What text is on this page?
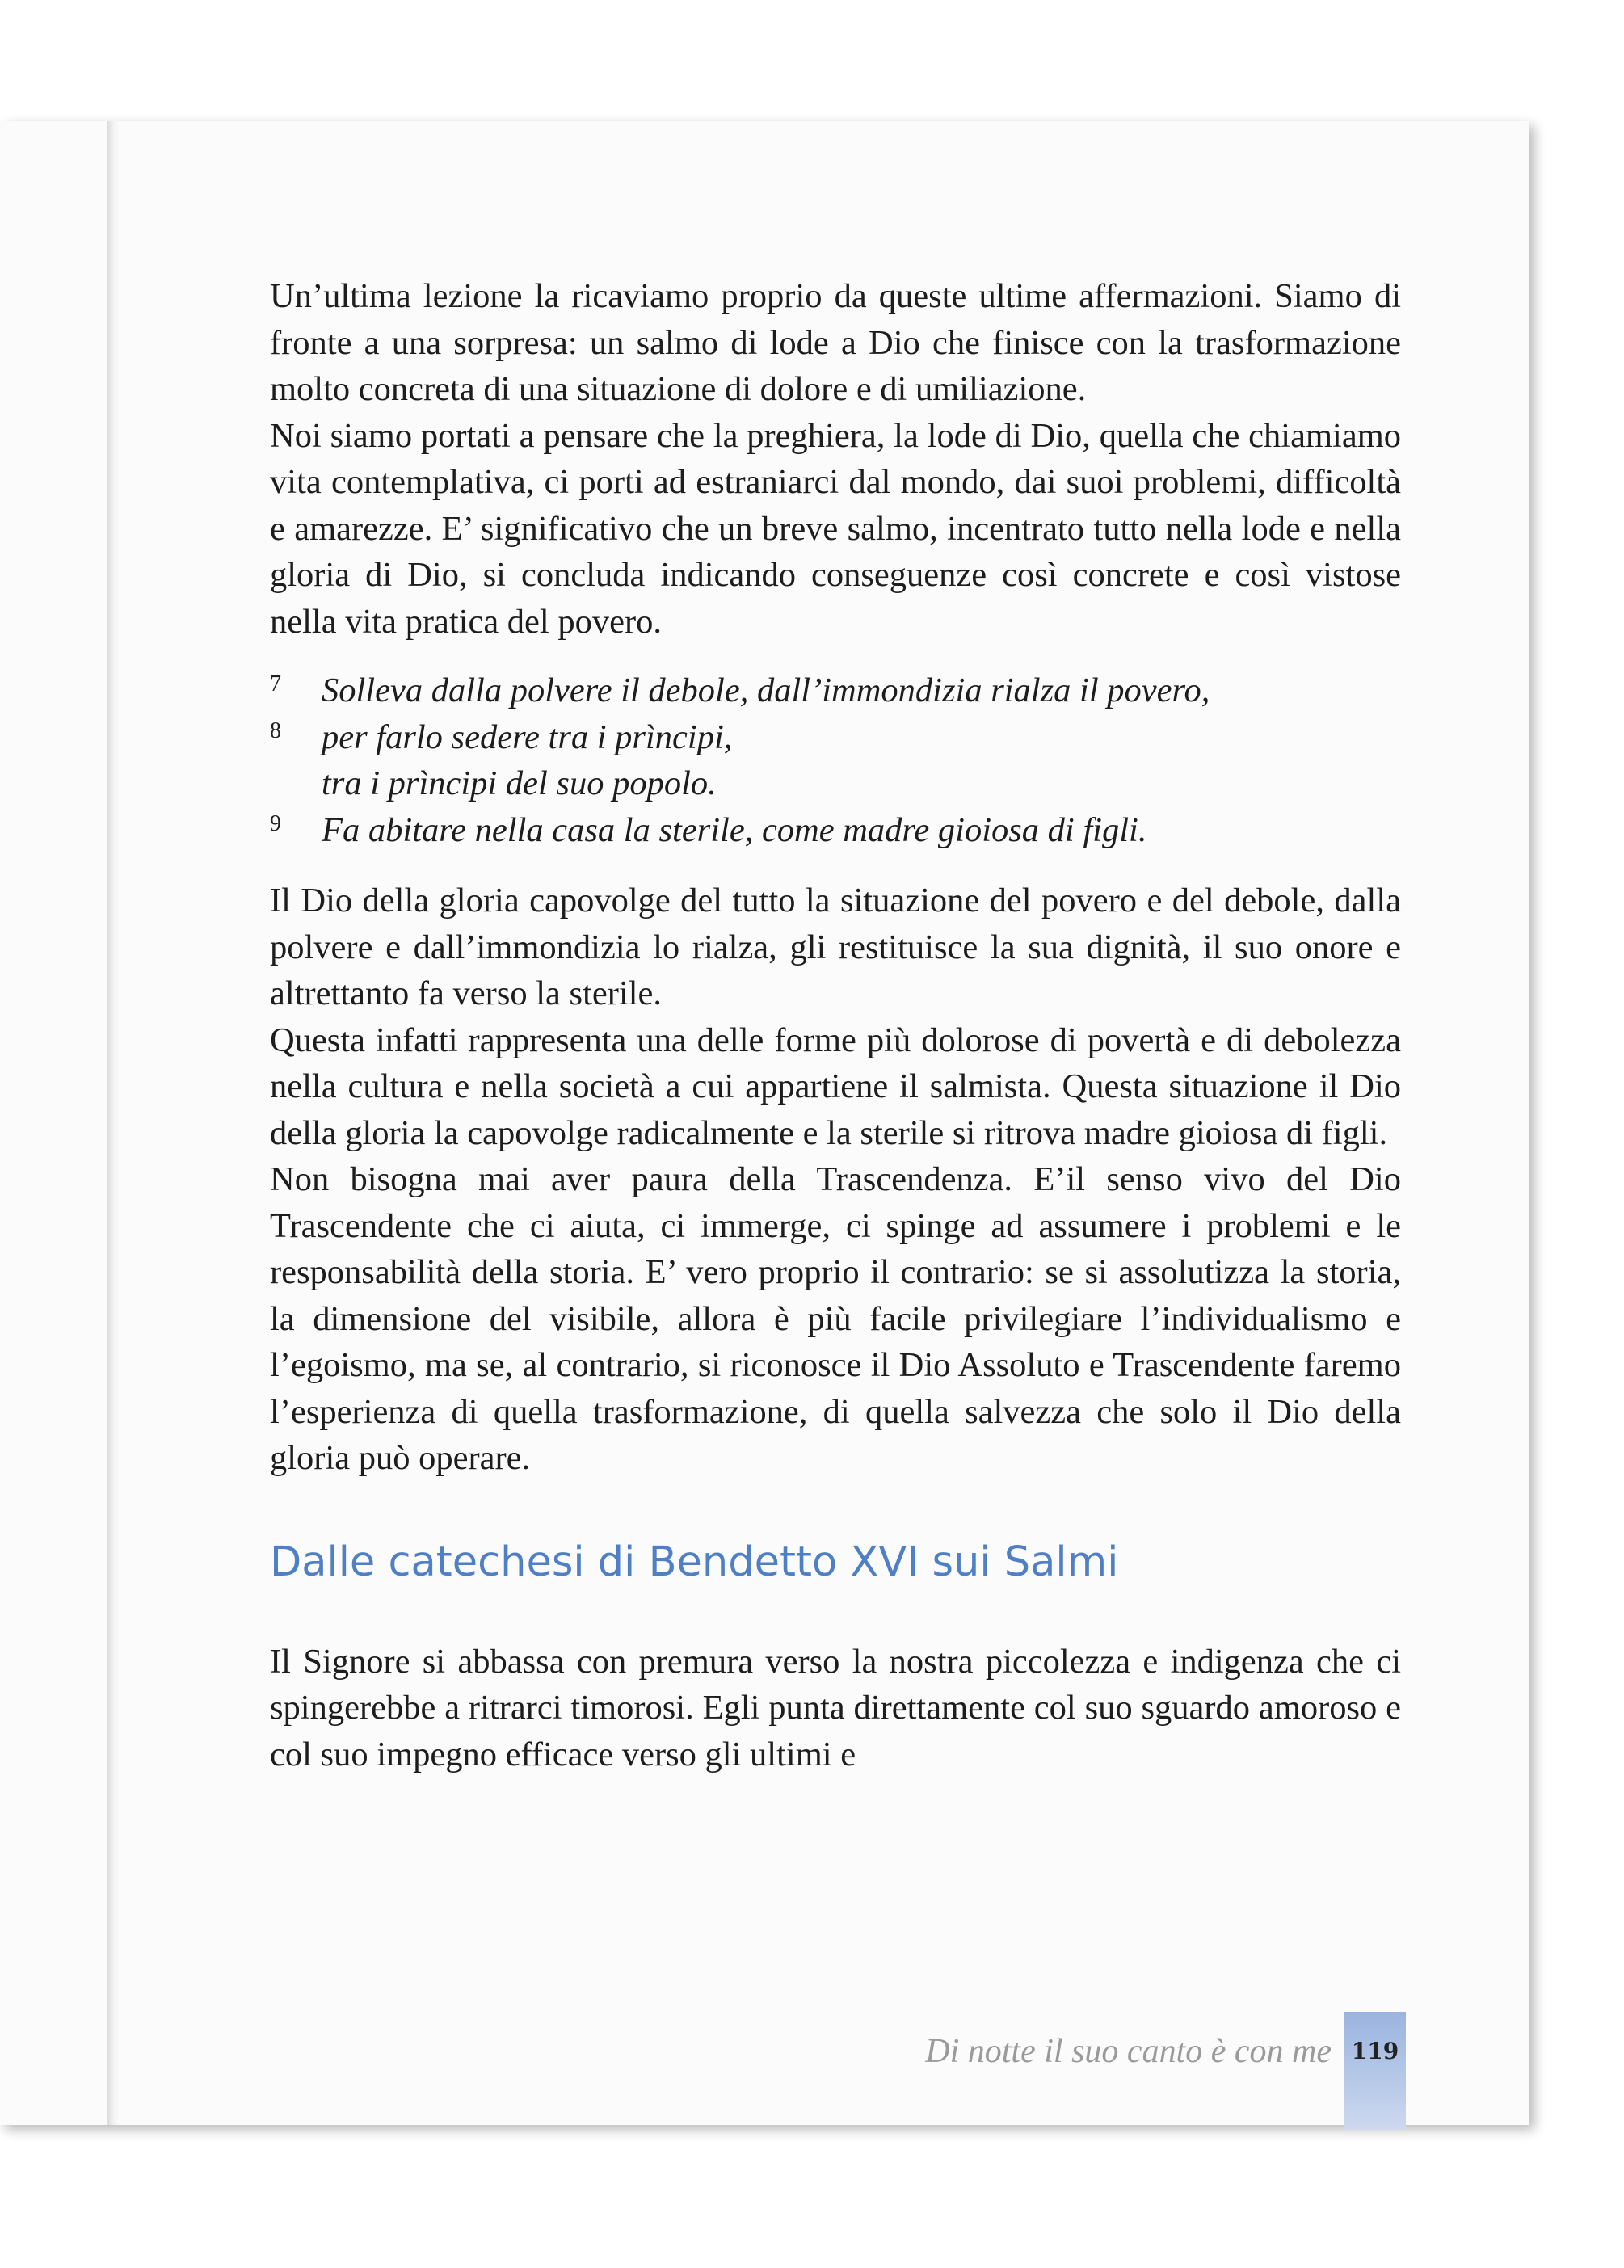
Un’ultima lezione la ricaviamo proprio da queste ultime affermazioni. Siamo di fronte a una sorpresa: un salmo di lode a Dio che finisce con la trasformazione molto concreta di una situazione di dolore e di umiliazione.

Noi siamo portati a pensare che la preghiera, la lode di Dio, quella che chiamiamo vita contemplativa, ci porti ad estraniarci dal mondo, dai suoi problemi, difficoltà e amarezze. E’ significativo che un breve salmo, incentrato tutto nella lode e nella gloria di Dio, si concluda indicando conseguenze così concrete e così vistose nella vita pratica del povero.

7 Solleva dalla polvere il debole, dall’immondizia rialza il povero,

8 per farlo sedere tra i prìncipi,

tra i prìncipi del suo popolo.

9 Fa abitare nella casa la sterile, come madre gioiosa di figli.

Il Dio della gloria capovolge del tutto la situazione del povero e del debole, dalla polvere e dall’immondizia lo rialza, gli restituisce la sua dignità, il suo onore e altrettanto fa verso la sterile.

Questa infatti rappresenta una delle forme più dolorose di povertà e di debolezza nella cultura e nella società a cui appartiene il salmista. Questa situazione il Dio della gloria la capovolge radicalmente e la sterile si ritrova madre gioiosa di figli.

Non bisogna mai aver paura della Trascendenza. E’il senso vivo del Dio Trascendente che ci aiuta, ci immerge, ci spinge ad assumere i problemi e le responsabilità della storia. E’ vero proprio il contrario: se si assolutizza la storia, la dimensione del visibile, allora è più facile privilegiare l’individualismo e l’egoismo, ma se, al contrario, si riconosce il Dio Assoluto e Trascendente faremo l’esperienza di quella trasformazione, di quella salvezza che solo il Dio della gloria può operare.

Dalle catechesi di Bendetto XVI sui Salmi

Il Signore si abbassa con premura verso la nostra piccolezza e indigenza che ci spingerebbe a ritrarci timorosi. Egli punta direttamente col suo sguardo amoroso e col suo impegno efficace verso gli ultimi e

Di notte il suo canto è con me 119
